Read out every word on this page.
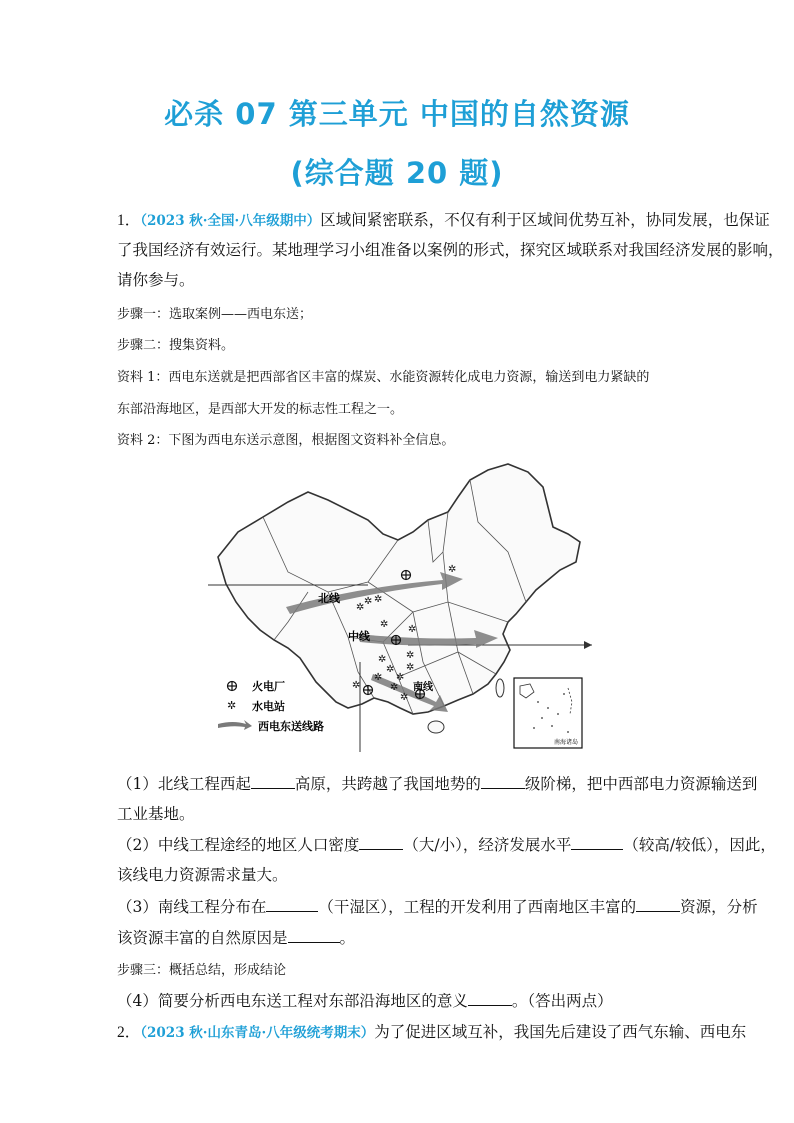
必杀 07 第三单元 中国的自然资源
(综合题 20 题)
1．（2023 秋·全国·八年级期中）区域间紧密联系，不仅有利于区域间优势互补，协同发展，也保证
了我国经济有效运行。某地理学习小组准备以案例的形式，探究区域联系对我国经济发展的影响，
请你参与。
步骤一：选取案例——西电东送；
步骤二：搜集资料。
资料 1：西电东送就是把西部省区丰富的煤炭、水能资源转化成电力资源，输送到电力紧缺的
东部沿海地区，是西部大开发的标志性工程之一。
资料 2：下图为西电东送示意图，根据图文资料补全信息。
✲ ✲
✲
✲ ✲
✲
✲
✲
✲
✲
✲
✲
✲
✲
✲
北线
中线
南线
火电厂
✲ 水电站
西电东送线路
南海诸岛
（1）北线工程西起	高原，共跨越了我国地势的	级阶梯，把中西部电力资源输送到
工业基地。
（2）中线工程途经的地区人口密度	（大/小），经济发展水平	（较高/较低），因此，
该线电力资源需求量大。
（3）南线工程分布在	（干湿区），工程的开发利用了西南地区丰富的	资源，分析
该资源丰富的自然原因是	。
步骤三：概括总结，形成结论
（4）简要分析西电东送工程对东部沿海地区的意义	。（答出两点）
2．（2023 秋·山东青岛·八年级统考期末）为了促进区域互补，我国先后建设了西气东输、西电东
